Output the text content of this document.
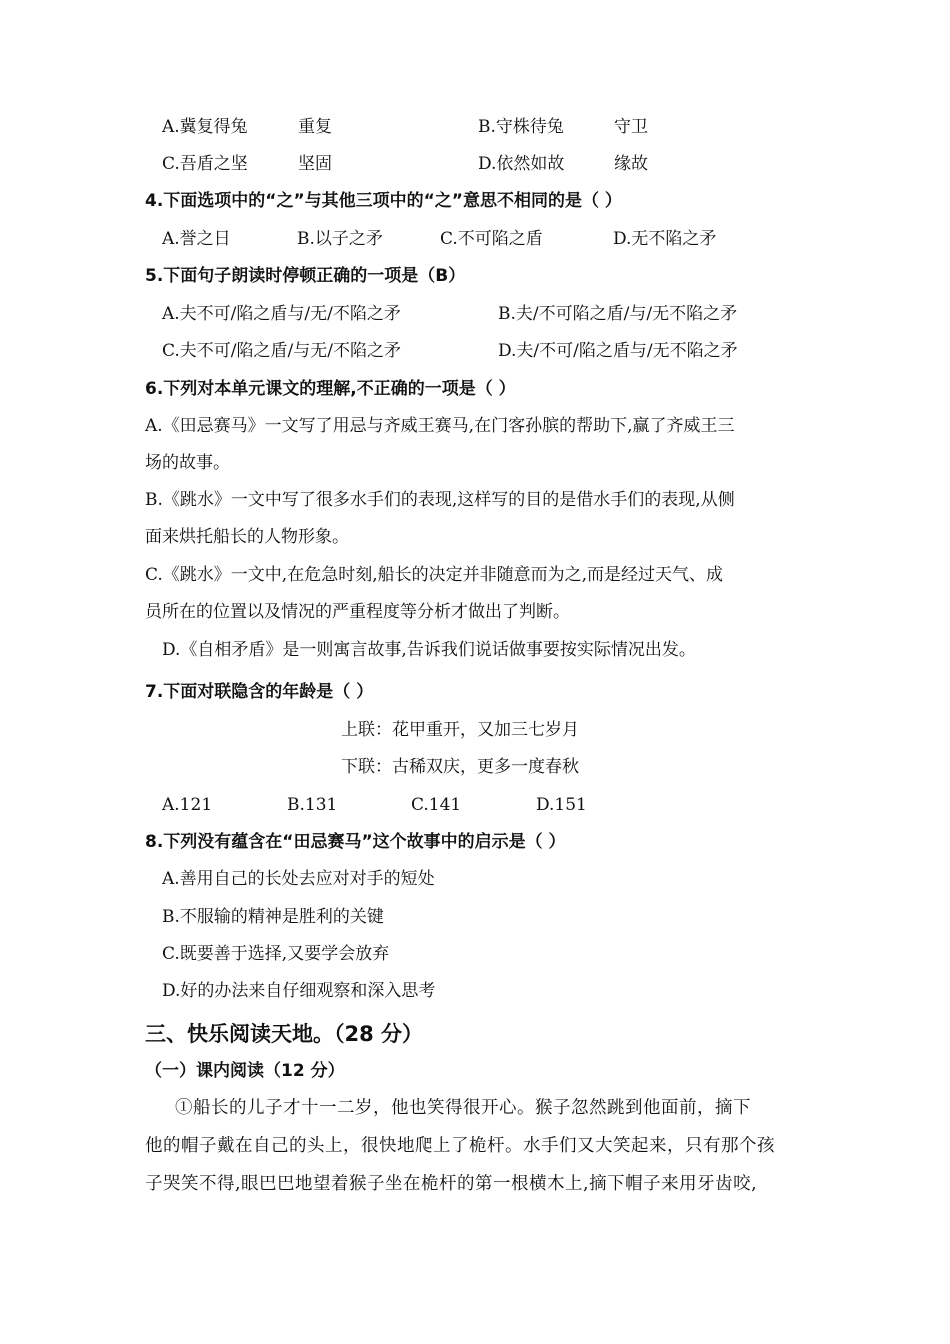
A.冀复得兔	重复	B.守株待兔	守卫
C.吾盾之坚	坚固	D.依然如故	缘故
4.下面选项中的“之”与其他三项中的“之”意思不相同的是（ ）
A.誉之日	B.以子之矛	C.不可陷之盾	D.无不陷之矛
5.下面句子朗读时停顿正确的一项是（B）
A.夫不可/陷之盾与/无/不陷之矛	B.夫/不可陷之盾/与/无不陷之矛
C.夫不可/陷之盾/与无/不陷之矛	D.夫/不可/陷之盾与/无不陷之矛
6.下列对本单元课文的理解,不正确的一项是（ ）
A.《田忌赛马》一文写了用忌与齐威王赛马,在门客孙膑的帮助下,赢了齐威王三
场的故事。
B.《跳水》一文中写了很多水手们的表现,这样写的目的是借水手们的表现,从侧
面来烘托船长的人物形象。
C.《跳水》一文中,在危急时刻,船长的决定并非随意而为之,而是经过天气、成
员所在的位置以及情况的严重程度等分析才做出了判断。
D.《自相矛盾》是一则寓言故事,告诉我们说话做事要按实际情况出发。
7.下面对联隐含的年龄是（ ）
上联：花甲重开，又加三七岁月
下联：古稀双庆，更多一度春秋
A.121	B.131	C.141	D.151
8.下列没有蕴含在“田忌赛马”这个故事中的启示是（ ）
A.善用自己的长处去应对对手的短处
B.不服输的精神是胜利的关键
C.既要善于选择,又要学会放弃
D.好的办法来自仔细观察和深入思考
三、快乐阅读天地。（28 分）
（一）课内阅读（12 分）
①船长的儿子才十一二岁，他也笑得很开心。猴子忽然跳到他面前，摘下
他的帽子戴在自己的头上，很快地爬上了桅杆。水手们又大笑起来，只有那个孩
子哭笑不得,眼巴巴地望着猴子坐在桅杆的第一根横木上,摘下帽子来用牙齿咬,
